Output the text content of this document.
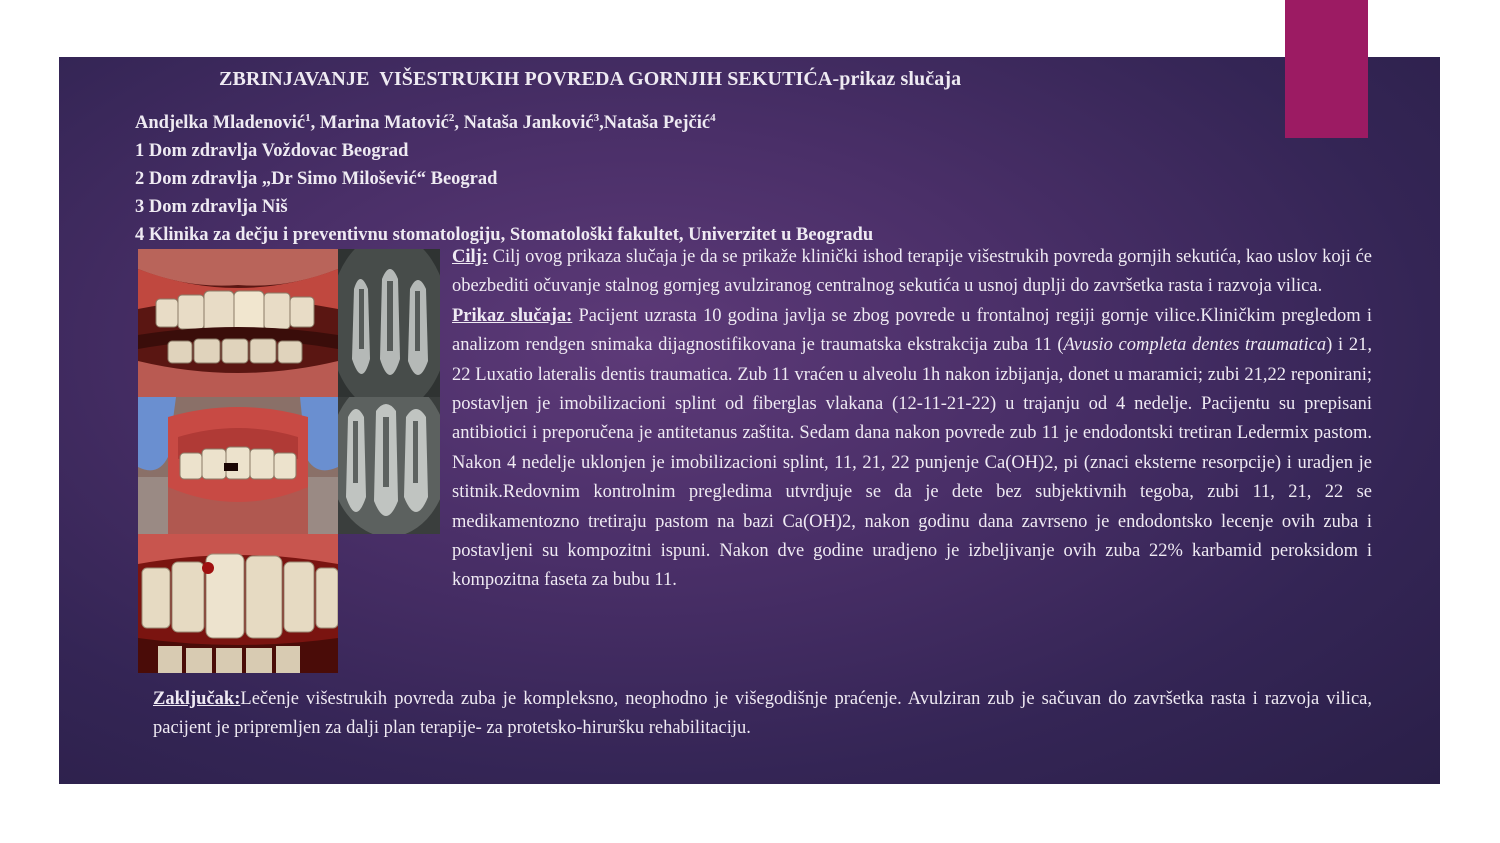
ZBRINJAVANJE  VIŠESTRUKIH POVREDA GORNJIH SEKUTIĆA-prikaz slučaja
Andjelka Mladenović$^1$, Marina Matović$^2$, Nataša Janković$^3$,Nataša Pejčić$^4$
1 Dom zdravlja Voždovac Beograd
2 Dom zdravlja „Dr Simo Milošević“ Beograd
3 Dom zdravlja Niš
4 Klinika za dečju i preventivnu stomatologiju, Stomatološki fakultet, Univerzitet u Beogradu

Cilj: Cilj ovog prikaza slučaja je da se prikaže klinički ishod terapije višestrukih povreda gornjih sekutića, kao uslov koji će obezbediti očuvanje stalnog gornjeg avulziranog centralnog sekutića u usnoj duplji do završetka rasta i razvoja vilica.

Prikaz slučaja: Pacijent uzrasta 10 godina javlja se zbog povrede u frontalnoj regiji gornje vilice.Kliničkim pregledom i analizom rendgen snimaka dijagnostifikovana je traumatska ekstrakcija zuba 11 (Avusio completa dentes traumatica) i 21, 22 Luxatio lateralis dentis traumatica. Zub 11 vraćen u alveolu 1h nakon izbijanja, donet u maramici; zubi 21,22 reponirani; postavljen je imobilizacioni splint od fiberglas vlakana (12-11-21-22) u trajanju od 4 nedelje. Pacijentu su prepisani antibiotici i preporučena je antitetanus zaštita. Sedam dana nakon povrede zub 11 je endodontski tretiran Ledermix pastom. Nakon 4 nedelje uklonjen je imobilizacioni splint, 11, 21, 22 punjenje Ca(OH)2, pi (znaci eksterne resorpcije) i uradjen je stitnik.Redovnim kontrolnim pregledima utvrdjuje se da je dete bez subjektivnih tegoba, zubi 11, 21, 22 se medikamentozno tretiraju pastom na bazi Ca(OH)2, nakon godinu dana zavrseno je endodontsko lecenje ovih zuba i postavljeni su kompozitni ispuni. Nakon dve godine uradjeno je izbeljivanje ovih zuba 22% karbamid peroksidom i kompozitna faseta za bubu 11.

Zaključak:Lečenje višestrukih povreda zuba je kompleksno, neophodno je višegodišnje praćenje. Avulziran zub je sačuvan do završetka rasta i razvoja vilica, pacijent je pripremljen za dalji plan terapije- za protetsko-hiruršku rehabilitaciju.
